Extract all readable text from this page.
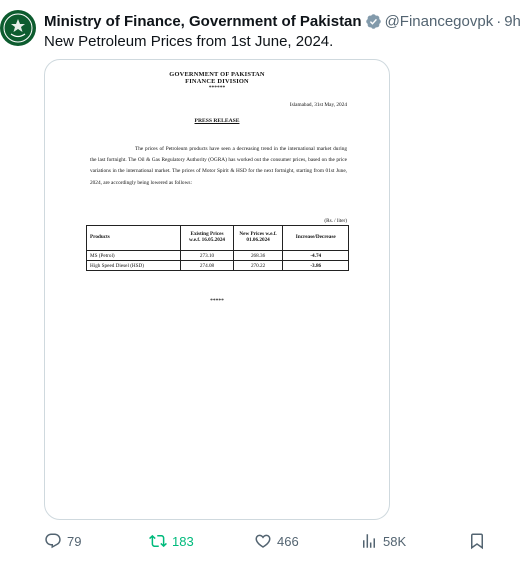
Ministry of Finance, Government of Pakistan @Financegovpk · 9h
New Petroleum Prices from 1st June, 2024.
GOVERNMENT OF PAKISTAN
FINANCE DIVISION
******
Islamabad, 31st May, 2024
PRESS RELEASE
The prices of Petroleum products have seen a decreasing trend in the international market during the last fortnight. The Oil & Gas Regulatory Authority (OGRA) has worked out the consumer prices, based on the price variations in the international market. The prices of Motor Spirit & HSD for the next fortnight, starting from 01st June, 2024, are accordingly being lowered as follows:
(Rs. / liter)
Products	Existing Prices w.e.f. 16.05.2024	New Prices w.e.f. 01.06.2024	Increase/Decrease
MS (Petrol)	273.10	268.36	-4.74
High Speed Diesel (HSD)	274.08	270.22	-3.86
*****
79	183	466	58K
